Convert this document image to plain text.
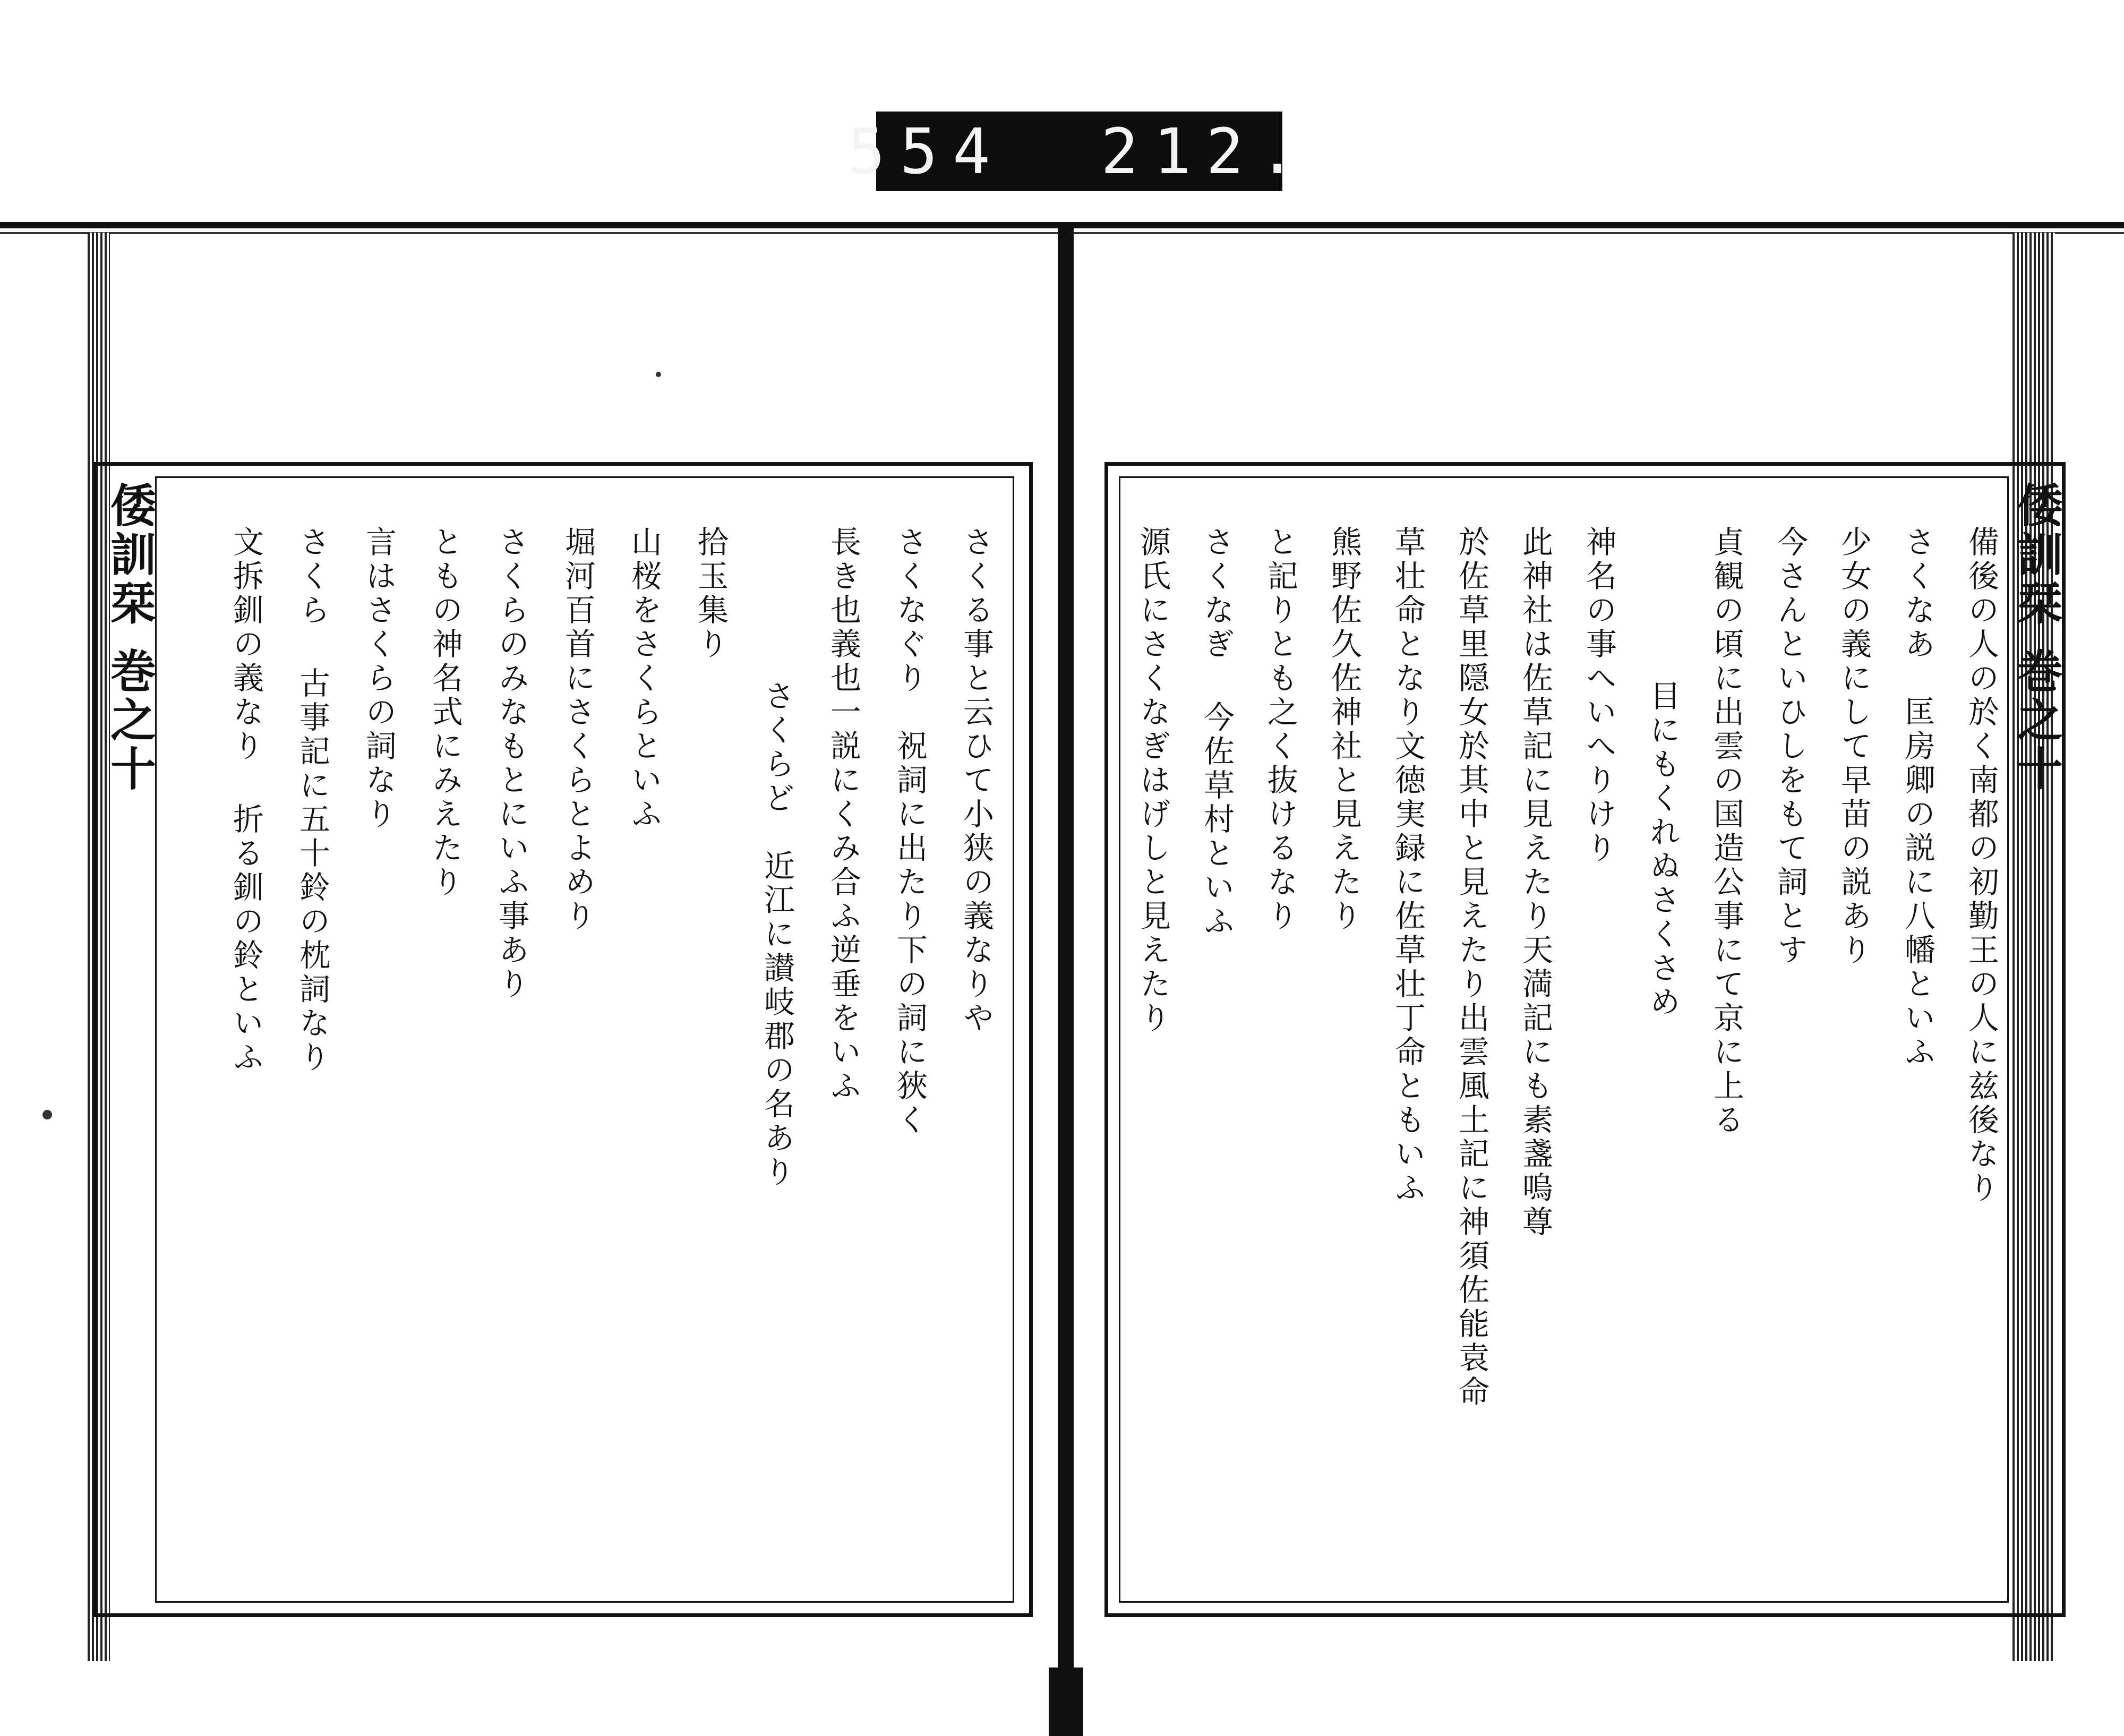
554 212.
倭訓栞 巻之十	さくる事と云ひて小狭の義なりや
さくなぐり　祝詞に出たり下の詞に狹く
長き也義也一説にくみ合ふ逆垂をいふ
さくらど　近江に讃岐郡の名あり
拾玉集り
山桜をさくらといふ
堀河百首にさくらとよめり
さくらのみなもとにいふ事あり
ともの神名式にみえたり
言はさくらの詞なり
さくら 古事記に五十鈴の枕詞なり
文拆釧の義なり 折る釧の鈴といふ	倭訓栞 巻之十
備後の人の於く南都の初勤王の人に兹後なり
さくなあ　匡房卿の説に八幡といふ
少女の義にして早苗の説あり
今さんといひしをもて詞とす
貞観の頃に出雲の国造公事にて京に上る
目にもくれぬさくさめ
神名の事へいへりけり
此神社は佐草記に見えたり天満記にも素盞嗚尊
於佐草里隠女於其中と見えたり出雲風土記に神須佐能袁命
草壮命となり文徳実録に佐草壮丁命ともいふ
熊野佐久佐神社と見えたり
と記りとも之く抜けるなり
さくなぎ 今佐草村といふ
源氏にさくなぎはげしと見えたり
